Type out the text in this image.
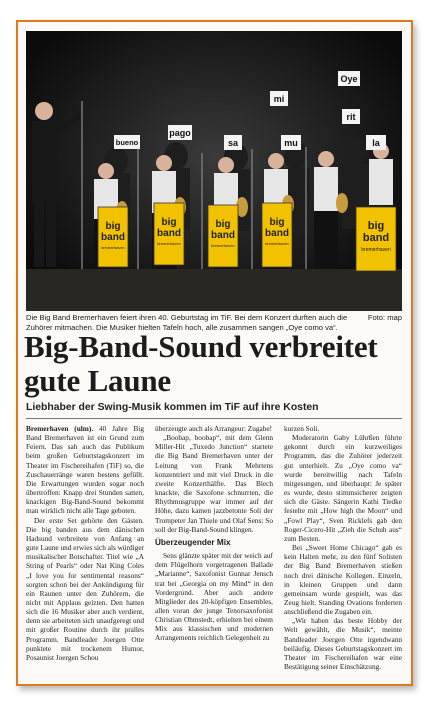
big
band
bremerhaven
big
band
bremerhaven
big
band
bremerhaven
big
band
bremerhaven
big
band
bremerhaven
Oye
mi
rit
mu	la
sa
pago
bueno
Foto: map
Die Big Band Bremerhaven feiert ihren 40. Geburtstag im TiF. Bei dem Konzert durften auch die Zuhörer mitmachen. Die Musiker hielten Tafeln hoch, alle zusammen sangen „Oye como va“.
Big-Band-Sound verbreitet gute Laune
Liebhaber der Swing-Musik kommen im TiF auf ihre Kosten

Bremerhaven (ulm). 40 Jahre Big Band Bremerhaven ist ein Grund zum Feiern. Das sah auch das Publikum beim großen Geburtstagskonzert im Theater im Fischereihafen (TiF) so, die Zuschauerränge waren bestens gefüllt. Die Erwartungen wurden sogar noch übertroffen: Knapp drei Stunden satten, knackigen Big-Band-Sound bekommt man wirklich nicht alle Tage geboten.

Der erste Set gehörte den Gästen. Die big banden aus dem dänischen Hadsund verbreitete von Anfang an gute Laune und erwies sich als würdiger musikalischer Botschafter. Titel wie „A String of Pearls“ oder Nat King Coles „I love you for sentimental reasons“ sorgten schon bei der Ankündigung für ein Raunen unter den Zuhörern, die nicht mit Applaus geizten. Den hatten sich die 16 Musiker aber auch verdient, denn sie arbeiteten sich unaufgeregt und mit großer Routine durch ihr pralles Programm. Bandleader Joergen Otte punktete mit trockenem Humor, Posaunist Joergen Schou

überzeugte auch als Arrangeur: Zugabe!

„Boobap, boobap“, mit dem Glenn Miller-Hit „Tuxedo Junction“ startete die Big Band Bremerhaven unter der Leitung von Frank Mehrtens konzentriert und mit viel Druck in die zweite Konzerthälfte. Das Blech knackte, die Saxofone schnurrten, die Rhythmusgruppe war immer auf der Höhe, dazu kamen jazzbetonte Soli der Trompeter Jan Thiele und Olaf Sens: So soll der Big-Band-Sound klingen.

Überzeugender Mix

Sens glänzte später mit der weich auf dem Flügelhorn vorgetragenen Ballade „Marianne“, Saxofonist Gunnar Jensch trat bei „Georgia on my Mind“ in den Vordergrund. Aber auch andere Mitglieder des 20-köpfigen Ensembles, allen voran der junge Tenorsaxofonist Christian Ohmstedt, erhielten bei einem Mix aus klassischen und modernen Arrangements reichlich Gelegenheit zu

kurzen Soli.

Moderatorin Gaby Lührßen führte gekonnt durch ein kurzweiliges Programm, das die Zuhörer jederzeit gut unterhielt. Zu „Oye como va“ wurde bereitwillig nach Tafeln mitgesungen, und überhaupt: Je später es wurde, desto stimmsicherer zeigten sich die Gäste. Sängerin Kathi Tiedke festelte mit „How high the Moon“ und „Fowl Play“, Sven Ricklefs gab den Roger-Cicero-Hit „Zieh die Schuh aus“ zum Besten.

Bei „Sweet Home Chicago“ gab es kein Halten mehr, zu den fünf Solisten der Big Band Bremerhaven stießen noch drei dänische Kollegen. Einzeln, in kleinen Gruppen und dann gemeinsam wurde gespielt, was das Zeug hielt. Standing Ovations forderten anschließend die Zugaben ein.

„Wir haben das beste Hobby der Welt gewählt, die Musik“, meinte Bandleader Joergen Otte irgendwann beiläufig. Dieses Geburtstagskonzert im Theater im Fischereihafen war eine Bestätigung seiner Einschätzung.
